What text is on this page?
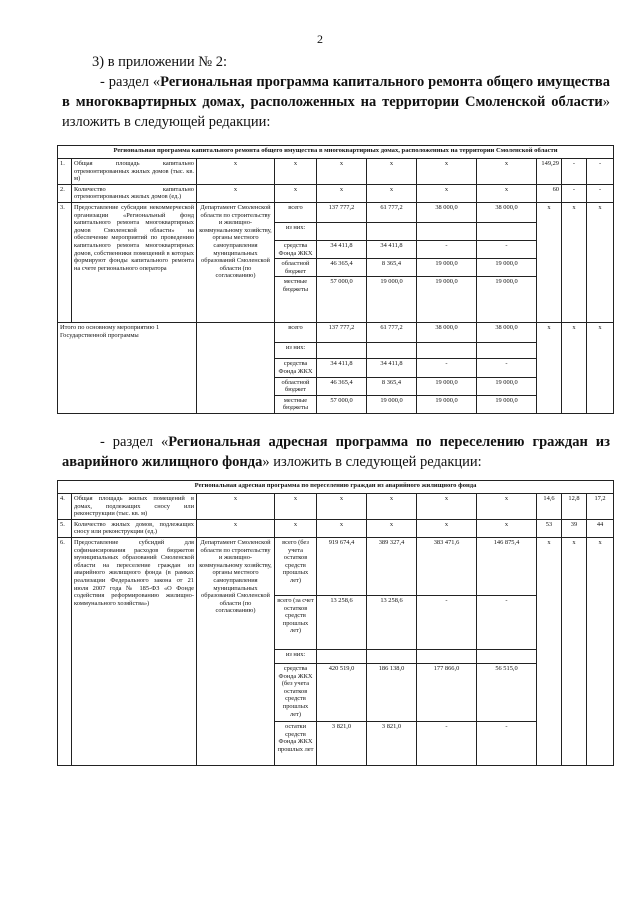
2
3) в приложении № 2:
- раздел «Региональная программа капитального ремонта общего имущества в многоквартирных домах, расположенных на территории Смоленской области» изложить в следующей редакции:
Региональная программа капитального ремонта общего имущества в многоквартирных домах, расположенных на территории Смоленской области										
1.	Общая площадь капитально отремонтированных жилых домов (тыс. кв. м)	x	x	x	x	x	x	149,29	-	-
2.	Количество капитально отремонтированных жилых домов (ед.)	x	x	x	x	x	x	60	-	-
3.	Предоставление субсидии некоммерческой организации «Региональный фонд капитального ремонта многоквартирных домов Смоленской области» на обеспечение мероприятий по проведению капитального ремонта многоквартирных домов, собственники помещений в которых формируют фонды капитального ремонта на счете регионального оператора	Департамент Смоленской области по строительству и жилищно-коммунальному хозяйству, органы местного самоуправления муниципальных образований Смоленской области (по согласованию)	всего	137 777,2	61 777,2	38 000,0	38 000,0	x	x	x
			из них:							
			средства Фонда ЖКХ	34 411,8	34 411,8	-	-			
			областной бюджет	46 365,4	8 365,4	19 000,0	19 000,0			
			местные бюджеты	57 000,0	19 000,0	19 000,0	19 000,0			
Итого по основному мероприятию 1 Государственной программы			всего	137 777,2	61 777,2	38 000,0	38 000,0	x	x	x
			из них:							
			средства Фонда ЖКХ	34 411,8	34 411,8	-	-			
			областной бюджет	46 365,4	8 365,4	19 000,0	19 000,0			
			местные бюджеты	57 000,0	19 000,0	19 000,0	19 000,0			
- раздел «Региональная адресная программа по переселению граждан из аварийного жилищного фонда» изложить в следующей редакции:
Региональная адресная программа по переселению граждан из аварийного жилищного фонда										
4.	Общая площадь жилых помещений в домах, подлежащих сносу или реконструкции (тыс. кв. м)	x	x	x	x	x	x	14,6	12,8	17,2
5.	Количество жилых домов, подлежащих сносу или реконструкции (ед.)	x	x	x	x	x	x	53	39	44
6.	Предоставление субсидий для софинансирования расходов бюджетов муниципальных образований Смоленской области на переселение граждан из аварийного жилищного фонда (в рамках реализации Федерального закона от 21 июля 2007 года № 185-ФЗ «О Фонде содействия реформированию жилищно-коммунального хозяйства»)	Департамент Смоленской области по строительству и жилищно-коммунальному хозяйству, органы местного самоуправления муниципальных образований Смоленской области (по согласованию)	всего (без учета остатков средств прошлых лет)	919 674,4	389 327,4	383 471,6	146 875,4	x	x	x
			всего (за счет остатков средств прошлых лет)	13 258,6	13 258,6	-	-			
			из них:							
			средства Фонда ЖКХ (без учета остатков средств прошлых лет)	420 519,0	186 138,0	177 866,0	56 515,0			
			остатки средств Фонда ЖКХ прошлых лет	3 821,0	3 821,0	-	-			
